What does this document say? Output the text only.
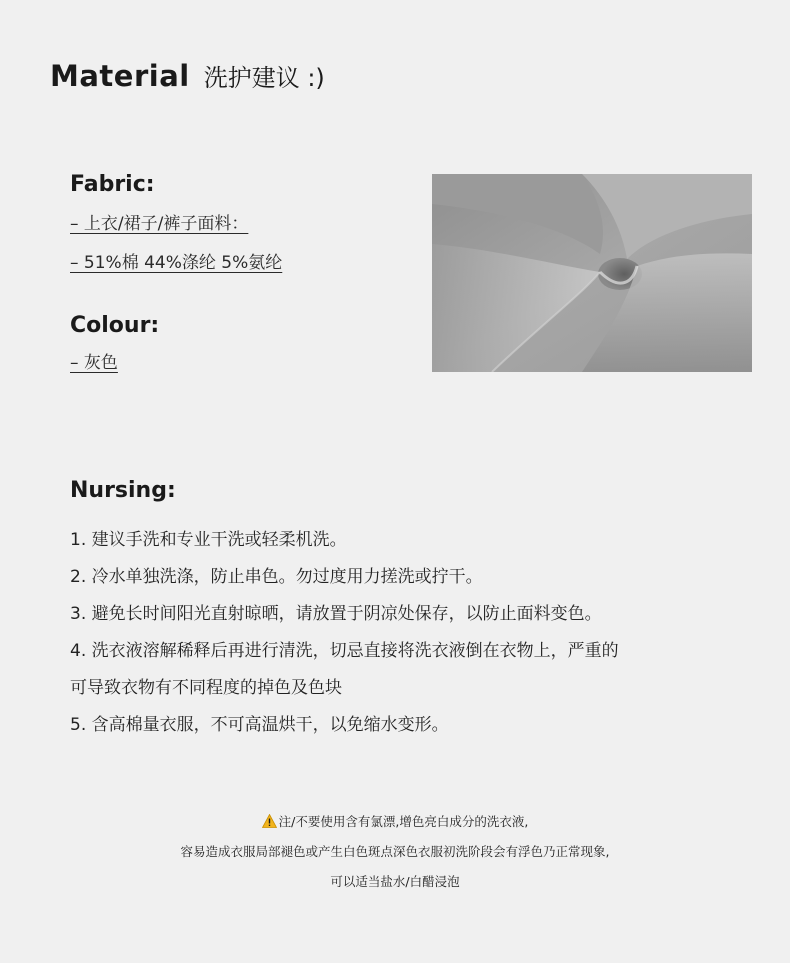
Material 洗护建议 :)
Fabric:
– 上衣/裙子/裤子面料：
– 51%棉 44%涤纶 5%氨纶
Colour:
– 灰色
Nursing:
1. 建议手洗和专业干洗或轻柔机洗。
2. 冷水单独洗涤，防止串色。勿过度用力搓洗或拧干。
3. 避免长时间阳光直射晾晒，请放置于阴凉处保存，以防止面料变色。
4. 洗衣液溶解稀释后再进行清洗，切忌直接将洗衣液倒在衣物上，严重的
可导致衣物有不同程度的掉色及色块
5. 含高棉量衣服，不可高温烘干，以免缩水变形。
注/不要使用含有氯漂,增色亮白成分的洗衣液,
容易造成衣服局部褪色或产生白色斑点深色衣服初洗阶段会有浮色乃正常现象,
可以适当盐水/白醋浸泡
